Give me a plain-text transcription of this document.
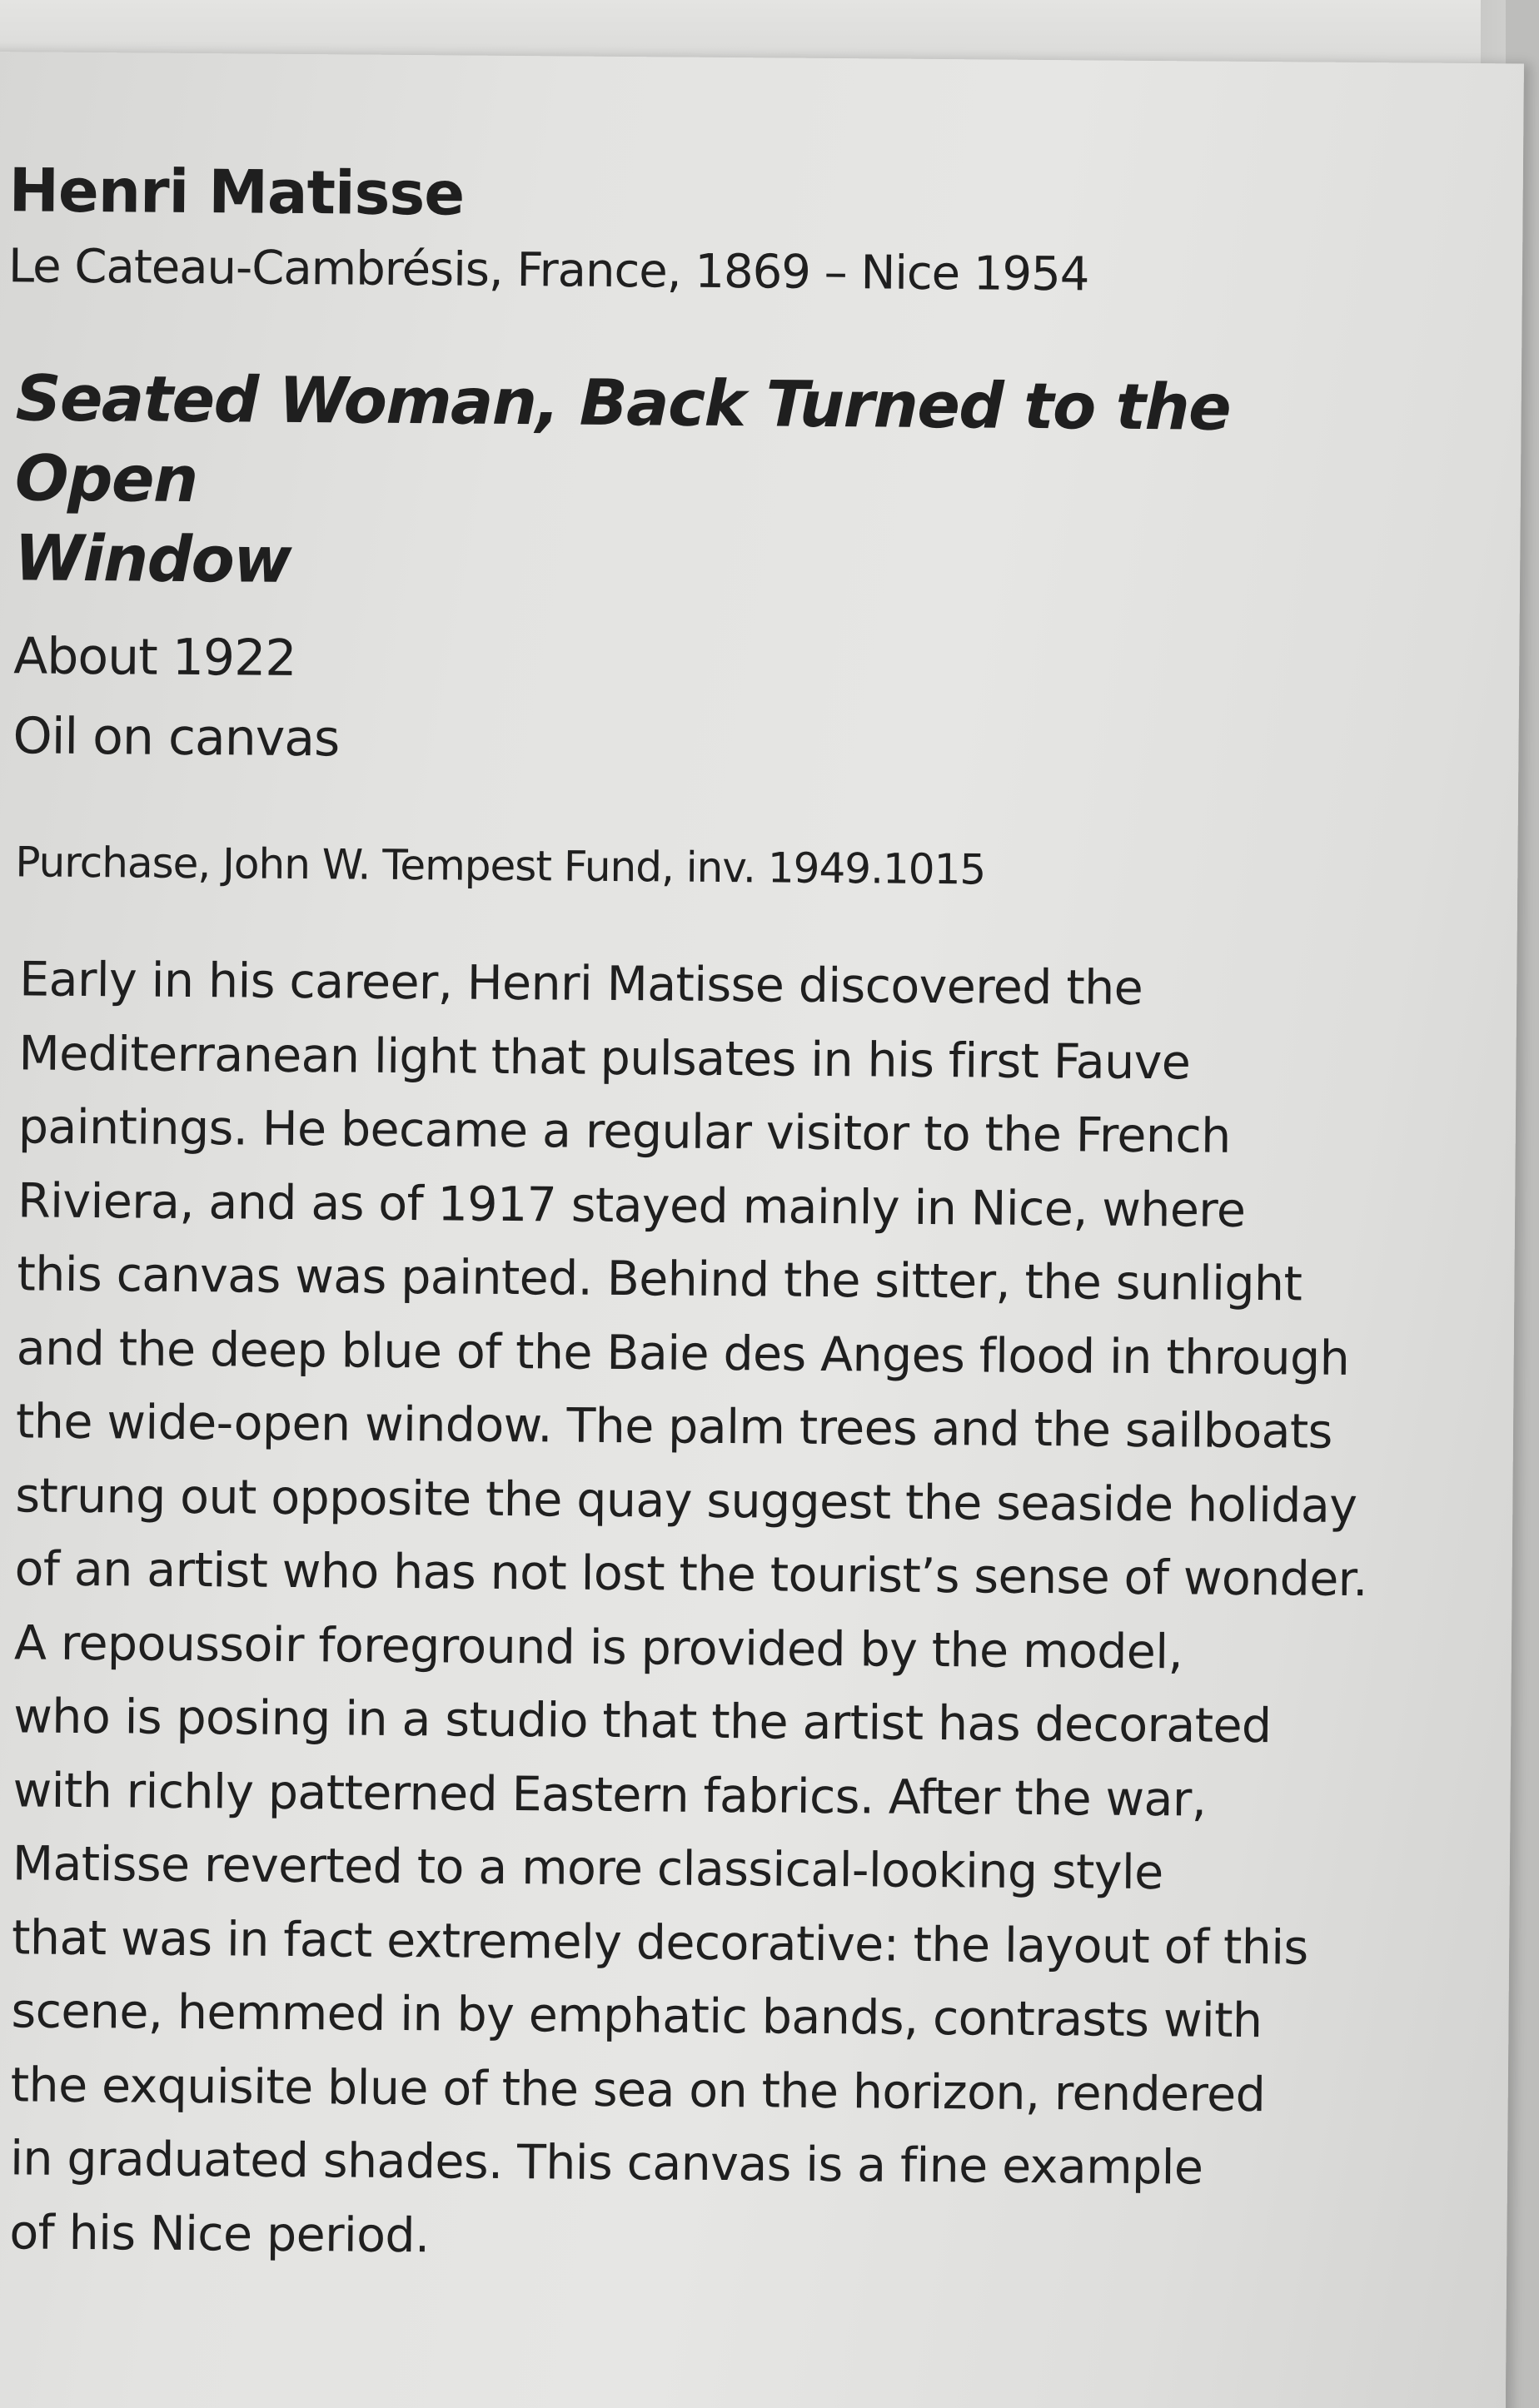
Henri Matisse
Le Cateau-Cambrésis, France, 1869 – Nice 1954
Seated Woman, Back Turned to the Open
Window
About 1922
Oil on canvas
Purchase, John W. Tempest Fund, inv. 1949.1015
Early in his career, Henri Matisse discovered the
Mediterranean light that pulsates in his first Fauve
paintings. He became a regular visitor to the French
Riviera, and as of 1917 stayed mainly in Nice, where
this canvas was painted. Behind the sitter, the sunlight
and the deep blue of the Baie des Anges flood in through
the wide-open window. The palm trees and the sailboats
strung out opposite the quay suggest the seaside holiday
of an artist who has not lost the tourist’s sense of wonder.
A repoussoir foreground is provided by the model,
who is posing in a studio that the artist has decorated
with richly patterned Eastern fabrics. After the war,
Matisse reverted to a more classical-looking style
that was in fact extremely decorative: the layout of this
scene, hemmed in by emphatic bands, contrasts with
the exquisite blue of the sea on the horizon, rendered
in graduated shades. This canvas is a fine example
of his Nice period.
